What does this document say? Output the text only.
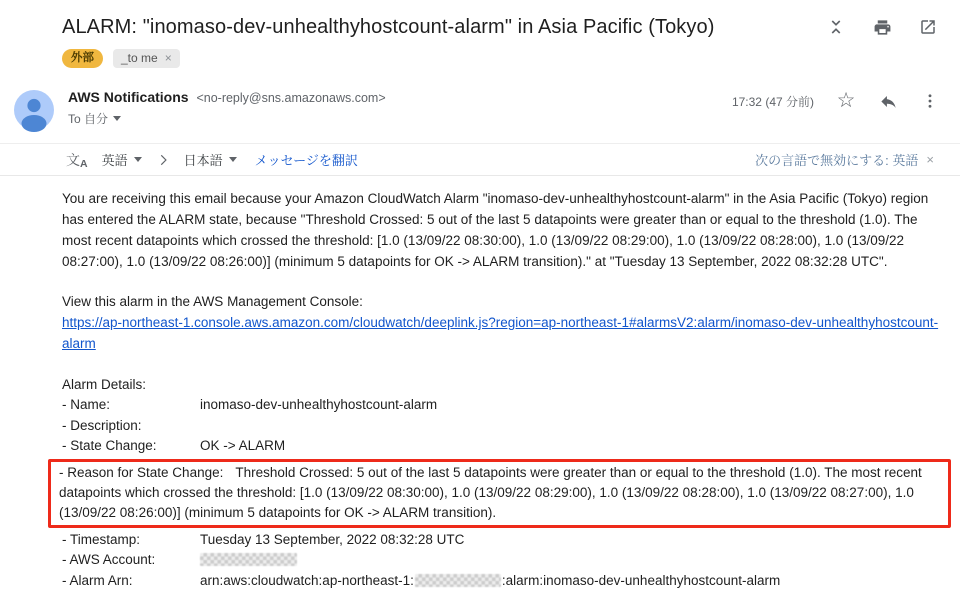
ALARM: "inomaso-dev-unhealthyhostcount-alarm" in Asia Pacific (Tokyo)
外部	_to me ×
AWS Notifications <no-reply@sns.amazonaws.com>
To 自分
17:32 (47 分前) ☆
文A 英語	日本語 メッセージを翻訳	次の言語で無効にする: 英語 ×
You are receiving this email because your Amazon CloudWatch Alarm "inomaso-dev-unhealthyhostcount-alarm" in the Asia Pacific (Tokyo) region has entered the ALARM state, because "Threshold Crossed: 5 out of the last 5 datapoints were greater than or equal to the threshold (1.0). The most recent datapoints which crossed the threshold: [1.0 (13/09/22 08:30:00), 1.0 (13/09/22 08:29:00), 1.0 (13/09/22 08:28:00), 1.0 (13/09/22 08:27:00), 1.0 (13/09/22 08:26:00)] (minimum 5 datapoints for OK -> ALARM transition)." at "Tuesday 13 September, 2022 08:32:28 UTC".
View this alarm in the AWS Management Console:
https://ap-northeast-1.console.aws.amazon.com/cloudwatch/deeplink.js?region=ap-northeast-1#alarmsV2:alarm/inomaso-dev-unhealthyhostcount-alarm
Alarm Details:
- Name:	inomaso-dev-unhealthyhostcount-alarm
- Description:
- State Change:	OK -> ALARM
- Reason for State Change: Threshold Crossed: 5 out of the last 5 datapoints were greater than or equal to the threshold (1.0). The most recent datapoints which crossed the threshold: [1.0 (13/09/22 08:30:00), 1.0 (13/09/22 08:29:00), 1.0 (13/09/22 08:28:00), 1.0 (13/09/22 08:27:00), 1.0 (13/09/22 08:26:00)] (minimum 5 datapoints for OK -> ALARM transition).
- Timestamp:	Tuesday 13 September, 2022 08:32:28 UTC
- AWS Account:
- Alarm Arn:	arn:aws:cloudwatch:ap-northeast-1:	:alarm:inomaso-dev-unhealthyhostcount-alarm
